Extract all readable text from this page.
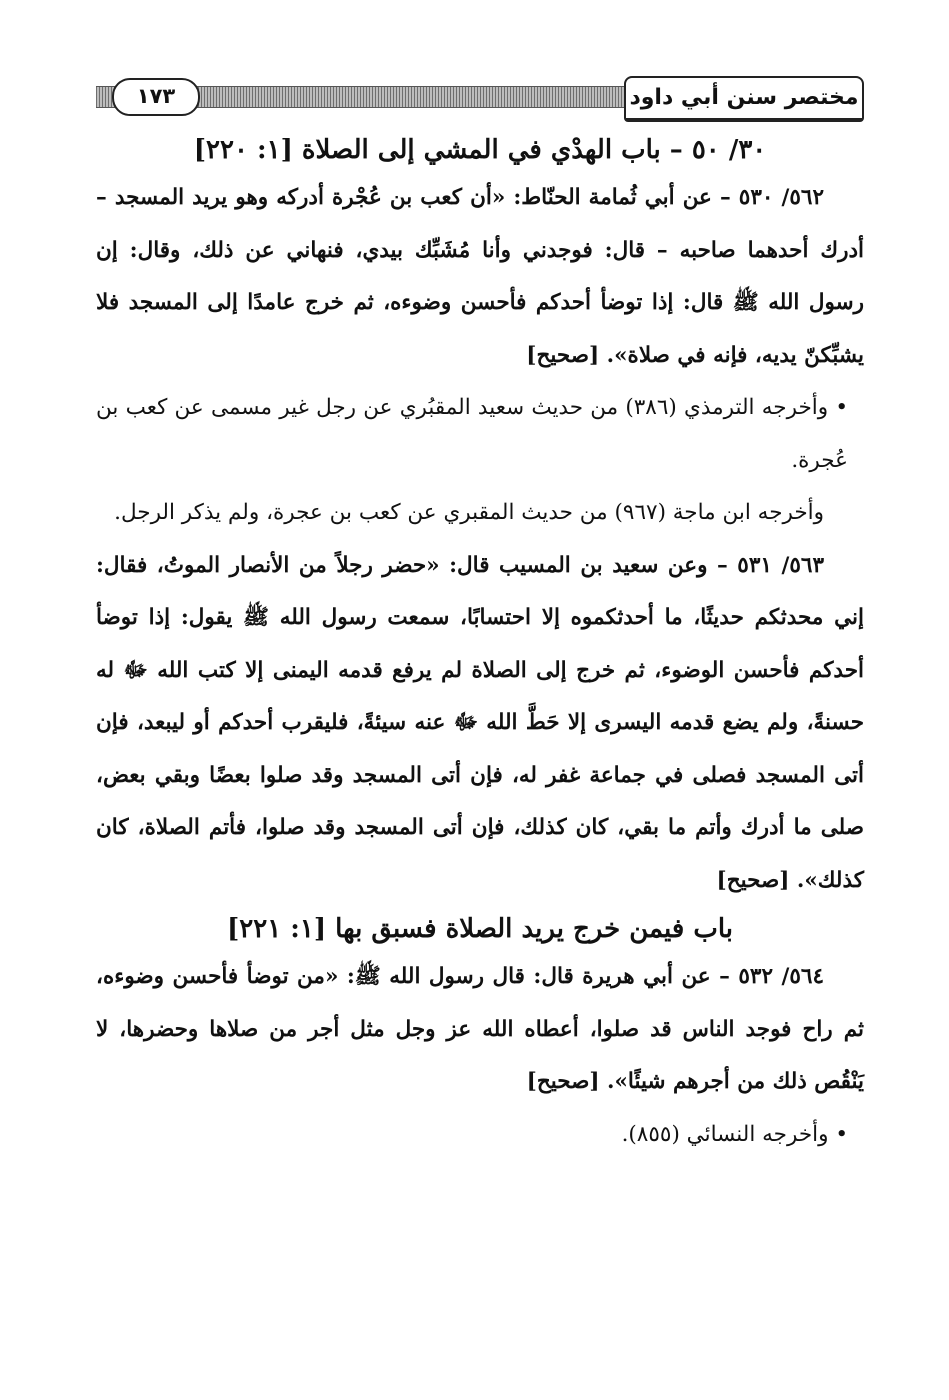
١٧٣	مختصر سنن أبي داود

٣٠/ ٥٠ – باب الهدْي في المشي إلى الصلاة [١: ٢٢٠]

٥٦٢/ ٥٣٠ – عن أبي ثُمامة الحنّاط: «أن كعب بن عُجْرة أدركه وهو يريد المسجد – أدرك أحدهما صاحبه – قال: فوجدني وأنا مُشَبِّك بيدي، فنهاني عن ذلك، وقال: إن رسول الله ﷺ قال: إذا توضأ أحدكم فأحسن وضوءه، ثم خرج عامدًا إلى المسجد فلا يشبِّكنّ يديه، فإنه في صلاة». [صحيح]

• وأخرجه الترمذي (٣٨٦) من حديث سعيد المقبُري عن رجل غير مسمى عن كعب بن عُجرة.

وأخرجه ابن ماجة (٩٦٧) من حديث المقبري عن كعب بن عجرة، ولم يذكر الرجل.

٥٦٣/ ٥٣١ – وعن سعيد بن المسيب قال: «حضر رجلاً من الأنصار الموتُ، فقال: إني محدثكم حديثًا، ما أحدثكموه إلا احتسابًا، سمعت رسول الله ﷺ يقول: إذا توضأ أحدكم فأحسن الوضوء، ثم خرج إلى الصلاة لم يرفع قدمه اليمنى إلا كتب الله ﷻ له حسنةً، ولم يضع قدمه اليسرى إلا حَطَّ الله ﷻ عنه سيئةً، فليقرب أحدكم أو ليبعد، فإن أتى المسجد فصلى في جماعة غفر له، فإن أتى المسجد وقد صلوا بعضًا وبقي بعض، صلى ما أدرك وأتم ما بقي، كان كذلك، فإن أتى المسجد وقد صلوا، فأتم الصلاة، كان كذلك». [صحيح]

باب فيمن خرج يريد الصلاة فسبق بها [١: ٢٢١]

٥٦٤/ ٥٣٢ – عن أبي هريرة قال: قال رسول الله ﷺ: «من توضأ فأحسن وضوءه، ثم راح فوجد الناس قد صلوا، أعطاه الله عز وجل مثل أجر من صلاها وحضرها، لا يَنْقُص ذلك من أجرهم شيئًا». [صحيح]

• وأخرجه النسائي (٨٥٥).
